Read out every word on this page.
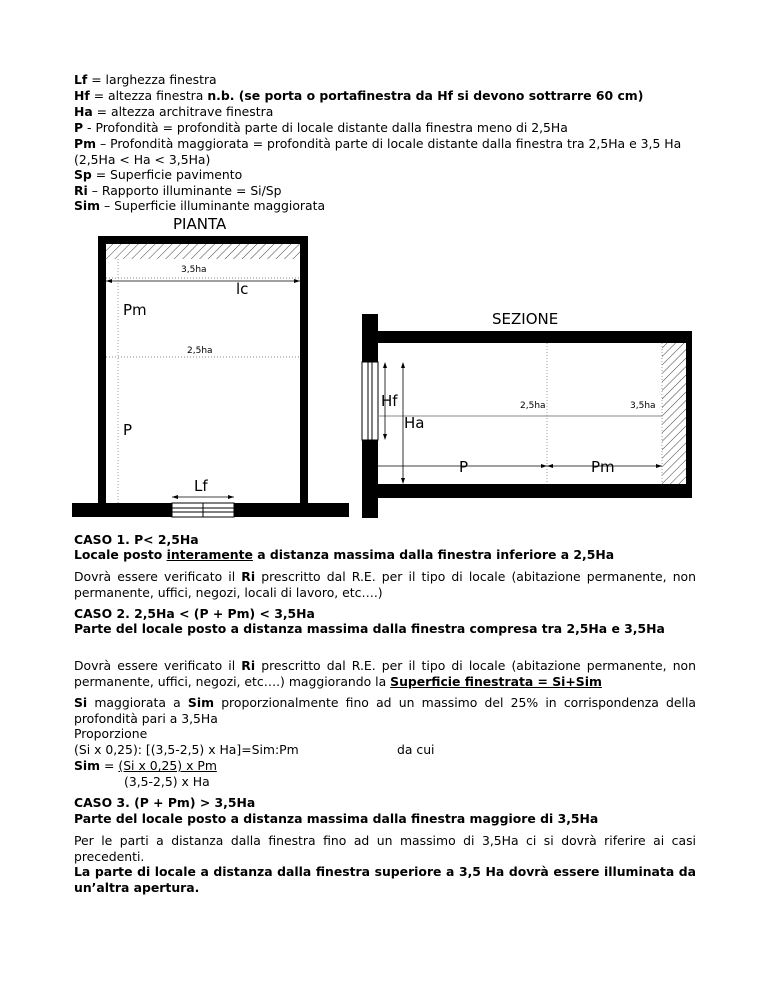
Lf = larghezza finestra

Hf = altezza finestra n.b. (se porta o portafinestra da Hf si devono sottrarre 60 cm)

Ha = altezza architrave finestra

P - Profondità = profondità parte di locale distante dalla finestra meno di 2,5Ha

Pm – Profondità maggiorata = profondità parte di locale distante dalla finestra tra 2,5Ha e 3,5 Ha (2,5Ha < Ha < 3,5Ha)

Sp = Superficie pavimento

Ri – Rapporto illuminante = Si/Sp

Sim – Superficie illuminante maggiorata

PIANTA
3,5ha
lc
Pm
2,5ha
P
Lf
SEZIONE
Hf
Ha
2,5ha	3,5ha
P	Pm

CASO 1. P< 2,5Ha

Locale posto interamente a distanza massima dalla finestra inferiore a 2,5Ha

Dovrà essere verificato il Ri prescritto dal R.E. per il tipo di locale (abitazione permanente, non permanente, uffici, negozi, locali di lavoro, etc….)

CASO 2. 2,5Ha < (P + Pm) < 3,5Ha

Parte del locale posto a distanza massima dalla finestra compresa tra 2,5Ha e 3,5Ha

Dovrà essere verificato il Ri prescritto dal R.E. per il tipo di locale (abitazione permanente, non permanente, uffici, negozi, etc….) maggiorando la Superficie finestrata = Si+Sim

Si maggiorata a Sim proporzionalmente fino ad un massimo del 25% in corrispondenza della profondità pari a 3,5Ha

Proporzione

(Si x 0,25): [(3,5-2,5) x Ha]=Sim:Pm	da cui

Sim = (Si x 0,25) x Pm

(3,5-2,5) x Ha

CASO 3. (P + Pm) > 3,5Ha

Parte del locale posto a distanza massima dalla finestra maggiore di 3,5Ha

Per le parti a distanza dalla finestra fino ad un massimo di 3,5Ha ci si dovrà riferire ai casi precedenti.

La parte di locale a distanza dalla finestra superiore a 3,5 Ha dovrà essere illuminata da un’altra apertura.
